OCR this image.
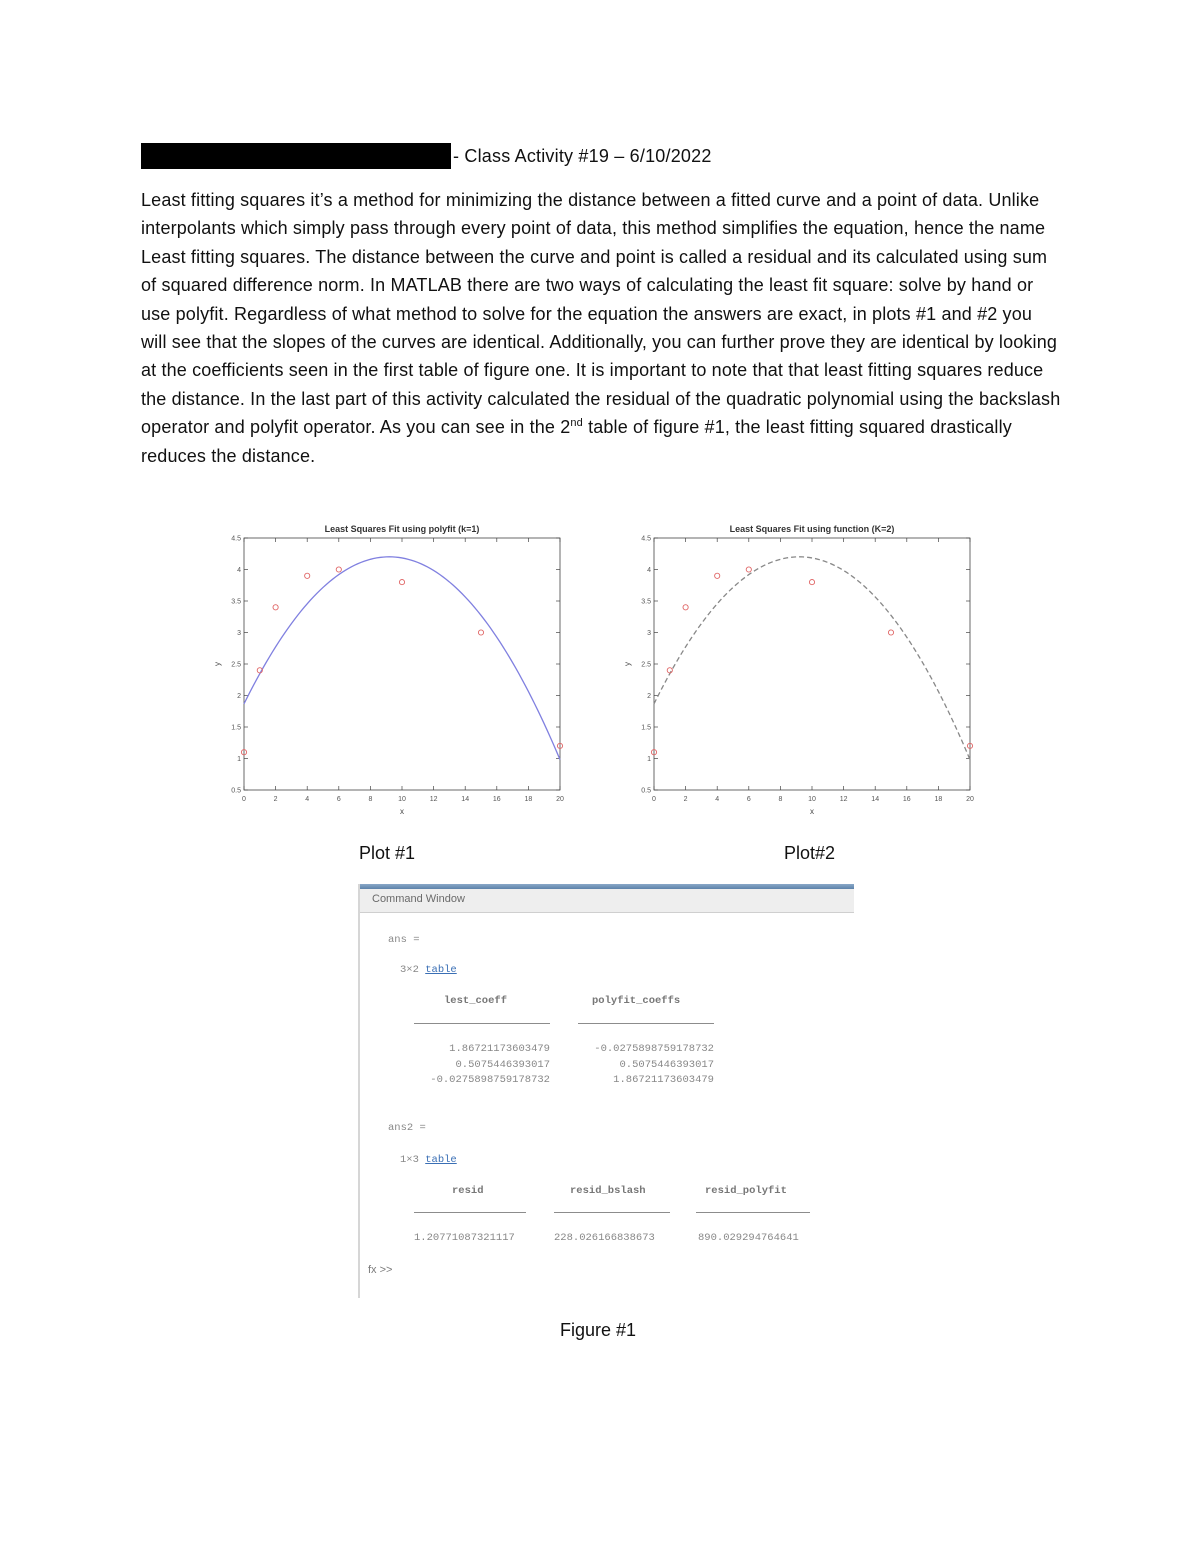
- Class Activity #19 – 6/10/2022

Least fitting squares it’s a method for minimizing the distance between a fitted curve and a point of data. Unlike interpolants which simply pass through every point of data, this method simplifies the equation, hence the name Least fitting squares. The distance between the curve and point is called a residual and its calculated using sum of squared difference norm. In MATLAB there are two ways of calculating the least fit square: solve by hand or use polyfit. Regardless of what method to solve for the equation the answers are exact, in plots #1 and #2 you will see that the slopes of the curves are identical. Additionally, you can further prove they are identical by looking at the coefficients seen in the first table of figure one. It is important to note that that least fitting squares reduce the distance. In the last part of this activity calculated the residual of the quadratic polynomial using the backslash operator and polyfit operator. As you can see in the 2nd table of figure #1, the least fitting squared drastically reduces the distance.

Least Squares Fit using polyfit (k=1)
0	2	4	6	8	10	12	14	16	18	20
0.5
1
1.5
2
2.5
3
3.5
4
4.5
x
y
Least Squares Fit using function (K=2)
0	2	4	6	8	10	12	14	16	18	20
0.5
1
1.5
2
2.5
3
3.5
4
4.5
x
y
Plot #1	Plot#2
Command Window
ans =
3×2 table
lest_coeff	polyfit_coeffs
1.86721173603479	-0.0275898759178732
0.5075446393017	0.5075446393017
-0.0275898759178732	1.86721173603479
ans2 =
1×3 table
resid	resid_bslash	resid_polyfit
1.20771087321117	228.026166838673	890.029294764641
fx >>
Figure #1
